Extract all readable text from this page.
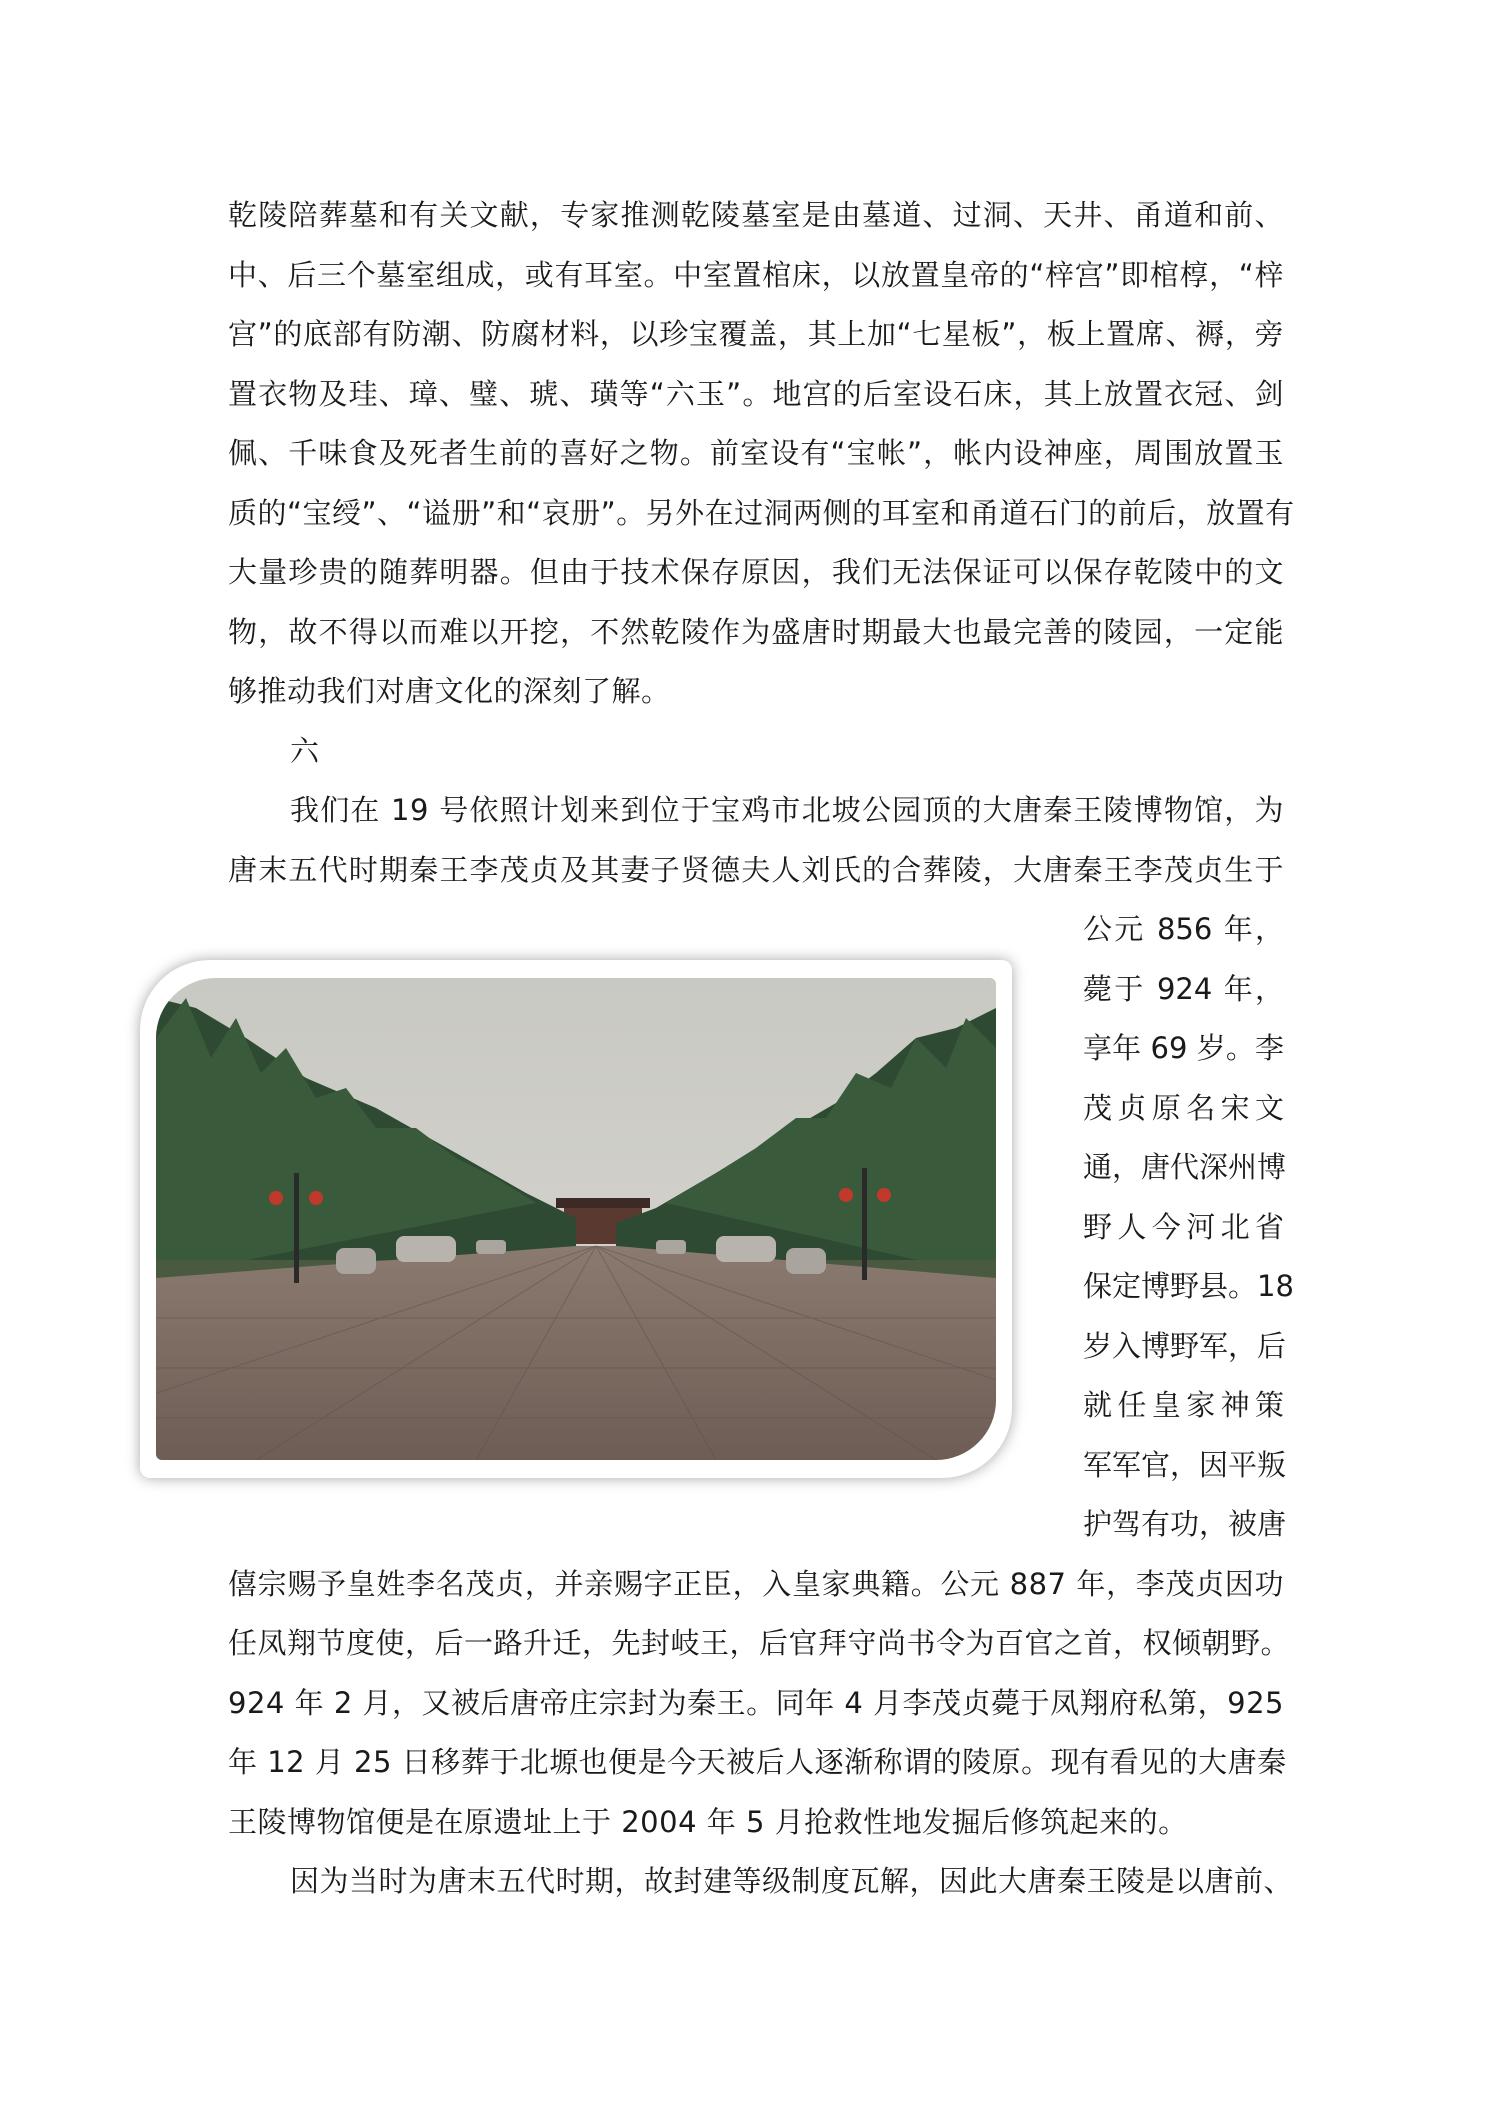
乾陵陪葬墓和有关文献，专家推测乾陵墓室是由墓道、过洞、天井、甬道和前、
中、后三个墓室组成，或有耳室。中室置棺床，以放置皇帝的“梓宫”即棺椁，“梓
宫”的底部有防潮、防腐材料，以珍宝覆盖，其上加“七星板”，板上置席、褥，旁
置衣物及珪、璋、璧、琥、璜等“六玉”。地宫的后室设石床，其上放置衣冠、剑
佩、千味食及死者生前的喜好之物。前室设有“宝帐”，帐内设神座，周围放置玉
质的“宝绶”、“谥册”和“哀册”。另外在过洞两侧的耳室和甬道石门的前后，放置有
大量珍贵的随葬明器。但由于技术保存原因，我们无法保证可以保存乾陵中的文
物，故不得以而难以开挖，不然乾陵作为盛唐时期最大也最完善的陵园，一定能
够推动我们对唐文化的深刻了解。
六
我们在 19 号依照计划来到位于宝鸡市北坡公园顶的大唐秦王陵博物馆，为
唐末五代时期秦王李茂贞及其妻子贤德夫人刘氏的合葬陵，大唐秦王李茂贞生于
公元 856 年，
薨于 924 年，
享年 69 岁。李
茂贞原名宋文
通，唐代深州博
野人今河北省
保定博野县。18
岁入博野军，后
就任皇家神策
军军官，因平叛
护驾有功，被唐
僖宗赐予皇姓李名茂贞，并亲赐字正臣，入皇家典籍。公元 887 年，李茂贞因功
任凤翔节度使，后一路升迁，先封岐王，后官拜守尚书令为百官之首，权倾朝野。
924 年 2 月，又被后唐帝庄宗封为秦王。同年 4 月李茂贞薨于凤翔府私第，925
年 12 月 25 日移葬于北塬也便是今天被后人逐渐称谓的陵原。现有看见的大唐秦
王陵博物馆便是在原遗址上于 2004 年 5 月抢救性地发掘后修筑起来的。
因为当时为唐末五代时期，故封建等级制度瓦解，因此大唐秦王陵是以唐前、
